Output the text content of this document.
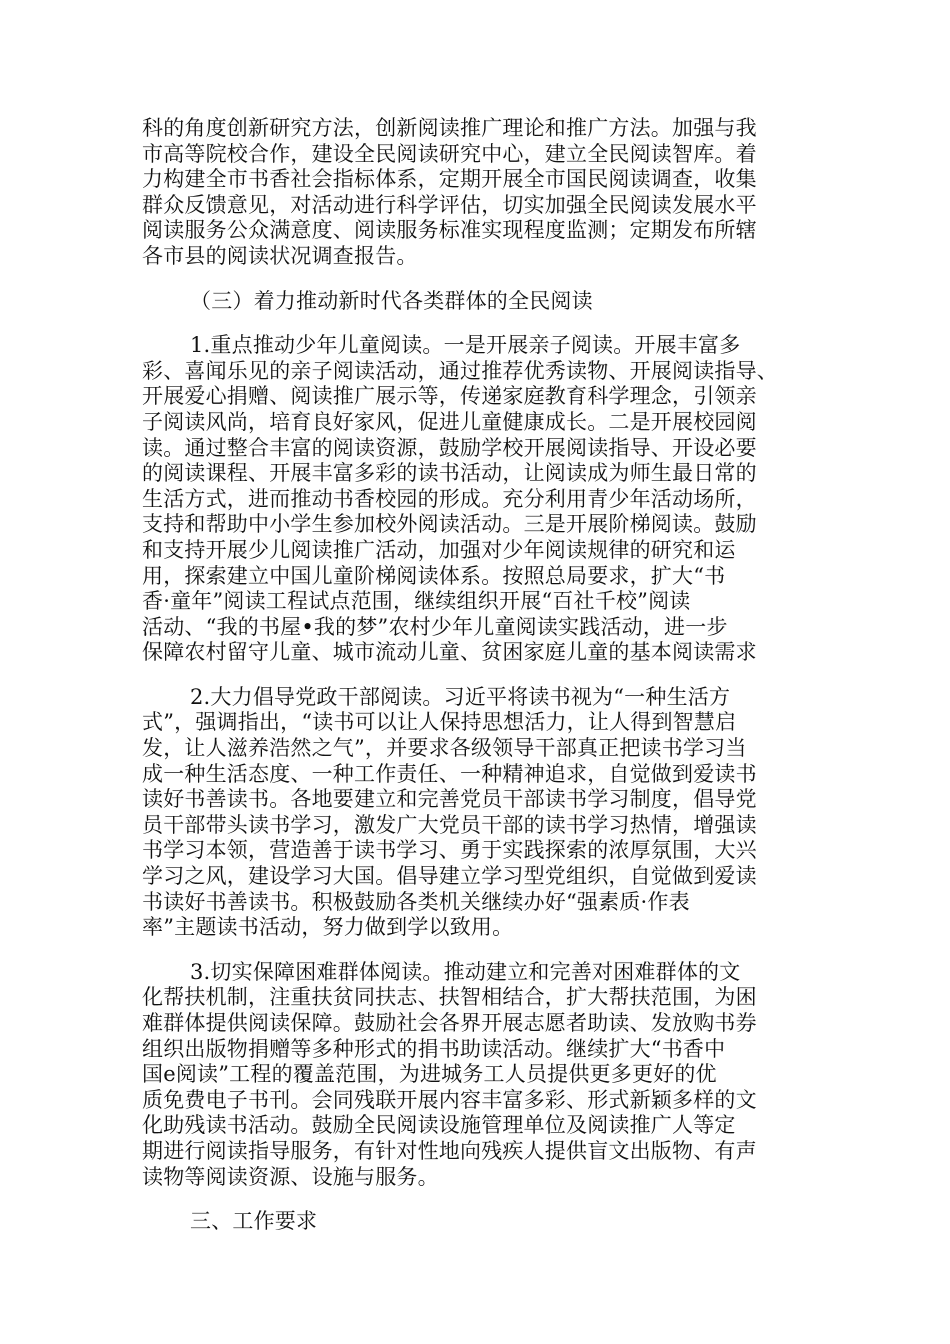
科的角度创新研究方法，创新阅读推广理论和推广方法。加强与我
市高等院校合作，建设全民阅读研究中心，建立全民阅读智库。着
力构建全市书香社会指标体系，定期开展全市国民阅读调查，收集
群众反馈意见，对活动进行科学评估，切实加强全民阅读发展水平
阅读服务公众满意度、阅读服务标准实现程度监测；定期发布所辖
各市县的阅读状况调查报告。
（三）着力推动新时代各类群体的全民阅读
1.重点推动少年儿童阅读。一是开展亲子阅读。开展丰富多
彩、喜闻乐见的亲子阅读活动，通过推荐优秀读物、开展阅读指导、
开展爱心捐赠、阅读推广展示等，传递家庭教育科学理念，引领亲
子阅读风尚，培育良好家风，促进儿童健康成长。二是开展校园阅
读。通过整合丰富的阅读资源，鼓励学校开展阅读指导、开设必要
的阅读课程、开展丰富多彩的读书活动，让阅读成为师生最日常的
生活方式，进而推动书香校园的形成。充分利用青少年活动场所，
支持和帮助中小学生参加校外阅读活动。三是开展阶梯阅读。鼓励
和支持开展少儿阅读推广活动，加强对少年阅读规律的研究和运
用，探索建立中国儿童阶梯阅读体系。按照总局要求，扩大“书
香·童年”阅读工程试点范围，继续组织开展“百社千校”阅读
活动、“我的书屋•我的梦”农村少年儿童阅读实践活动，进一步
保障农村留守儿童、城市流动儿童、贫困家庭儿童的基本阅读需求
2.大力倡导党政干部阅读。习近平将读书视为“一种生活方
式”，强调指出，“读书可以让人保持思想活力，让人得到智慧启
发，让人滋养浩然之气”，并要求各级领导干部真正把读书学习当
成一种生活态度、一种工作责任、一种精神追求，自觉做到爱读书
读好书善读书。各地要建立和完善党员干部读书学习制度，倡导党
员干部带头读书学习，激发广大党员干部的读书学习热情，增强读
书学习本领，营造善于读书学习、勇于实践探索的浓厚氛围，大兴
学习之风，建设学习大国。倡导建立学习型党组织，自觉做到爱读
书读好书善读书。积极鼓励各类机关继续办好“强素质·作表
率”主题读书活动，努力做到学以致用。
3.切实保障困难群体阅读。推动建立和完善对困难群体的文
化帮扶机制，注重扶贫同扶志、扶智相结合，扩大帮扶范围，为困
难群体提供阅读保障。鼓励社会各界开展志愿者助读、发放购书券
组织出版物捐赠等多种形式的捐书助读活动。继续扩大“书香中
国e阅读”工程的覆盖范围，为进城务工人员提供更多更好的优
质免费电子书刊。会同残联开展内容丰富多彩、形式新颖多样的文
化助残读书活动。鼓励全民阅读设施管理单位及阅读推广人等定
期进行阅读指导服务，有针对性地向残疾人提供盲文出版物、有声
读物等阅读资源、设施与服务。
三、工作要求
